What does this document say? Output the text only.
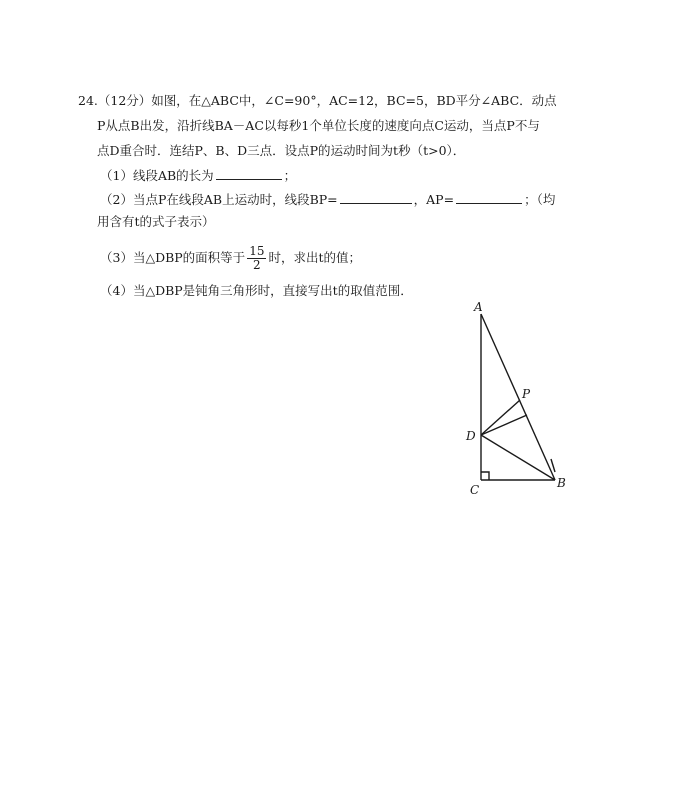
24.（12分）如图，在△ABC中，∠C=90°，AC=12，BC=5，BD平分∠ABC．动点
P从点B出发，沿折线BA－AC以每秒1个单位长度的速度向点C运动，当点P不与
点D重合时．连结P、B、D三点．设点P的运动时间为t秒（t>0）．
（1）线段AB的长为	；
（2）当点P在线段AB上运动时，线段BP=	，AP=	；（均
用含有t的式子表示）
（3）当△DBP的面积等于 $\frac{15}{2}$ 时，求出t的值；
（4）当△DBP是钝角三角形时，直接写出t的取值范围．
A
P
D
C	B
